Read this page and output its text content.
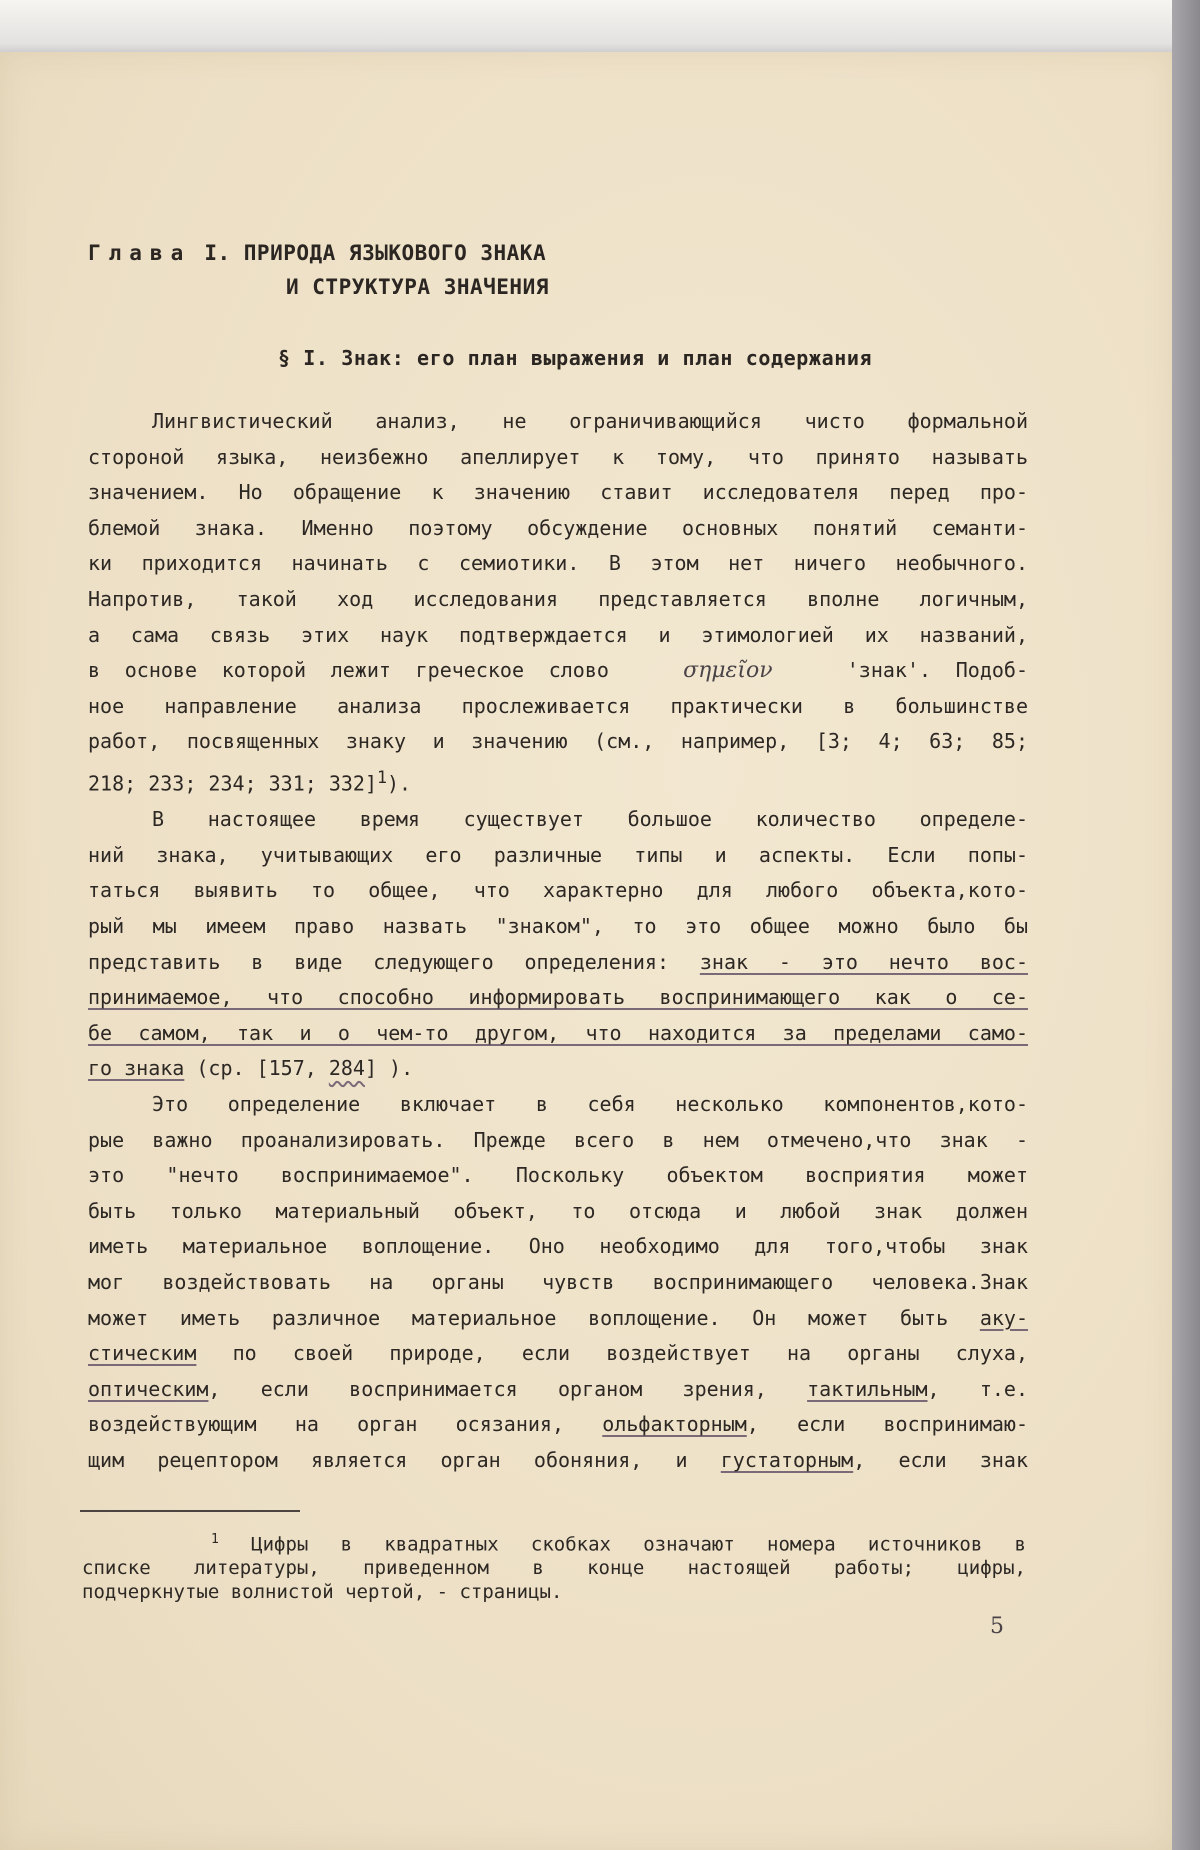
Глава I. ПРИРОДА ЯЗЫКОВОГО ЗНАКА
И СТРУКТУРА ЗНАЧЕНИЯ
§ I. Знак: его план выражения и план содержания

Лингвистический анализ, не ограничивающийся чисто формальной
стороной языка, неизбежно апеллирует к тому, что принято называть
значением. Но обращение к значению ставит исследователя перед про-
блемой знака. Именно поэтому обсуждение основных понятий семанти-
ки приходится начинать с семиотики. В этом нет ничего необычного.
Напротив, такой ход исследования представляется вполне логичным,
а сама связь этих наук подтверждается и этимологией их названий,
в основе которой лежит греческое слово	σημεῖον	'знак'. Подоб-
ное направление анализа прослеживается практически в большинстве
работ, посвященных знаку и значению (см., например, [3; 4; 63; 85;
218; 233; 234; 331; 332]$^1$).

В настоящее время существует большое количество определе-
ний знака, учитывающих его различные типы и аспекты. Если попы-
таться выявить то общее, что характерно для любого объекта,кото-
рый мы имеем право назвать "знаком", то это общее можно было бы
представить в виде следующего определения: знак - это нечто вос-
принимаемое, что способно информировать воспринимающего как о се-
бе самом, так и о чем-то другом, что находится за пределами само-
го знака (ср. [157, 284] ).

Это определение включает в себя несколько компонентов,кото-
рые важно проанализировать. Прежде всего в нем отмечено,что знак -
это "нечто воспринимаемое". Поскольку объектом восприятия может
быть только материальный объект, то отсюда и любой знак должен
иметь материальное воплощение. Оно необходимо для того,чтобы знак
мог воздействовать на органы чувств воспринимающего человека.Знак
может иметь различное материальное воплощение. Он может быть аку-
стическим по своей природе, если воздействует на органы слуха,
оптическим, если воспринимается органом зрения, тактильным, т.е.
воздействующим на орган осязания, ольфакторным, если воспринимаю-
щим рецептором является орган обоняния, и густаторным, если знак

$^1$ Цифры в квадратных скобках означают номера источников в
списке литературы, приведенном в конце настоящей работы; цифры,
подчеркнутые волнистой чертой, - страницы.
5
